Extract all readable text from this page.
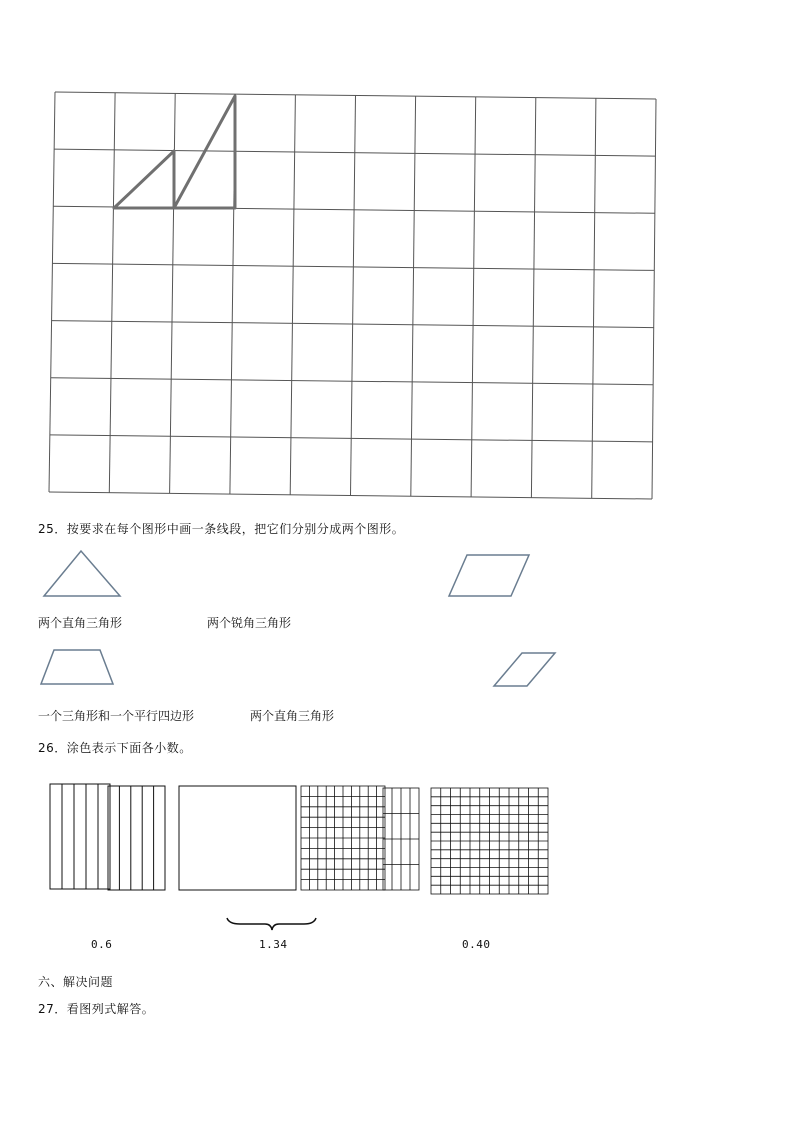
25．按要求在每个图形中画一条线段，把它们分别分成两个图形。
两个直角三角形	两个锐角三角形
一个三角形和一个平行四边形	两个直角三角形
26．涂色表示下面各小数。
0.6	1.34	0.40
六、解决问题
27．看图列式解答。
